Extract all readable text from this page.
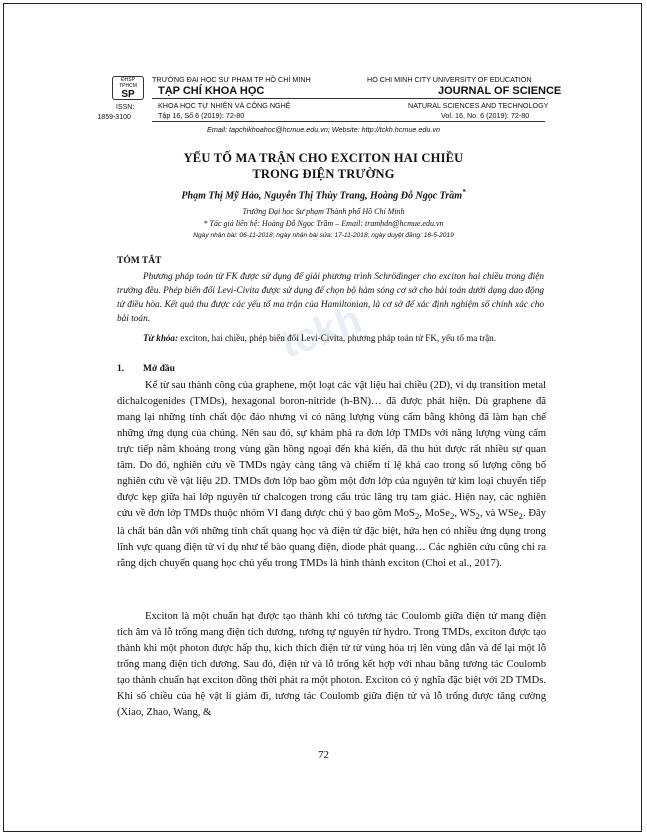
tckh
ĐHSP TPHCM
SP
ISSN:
1859-3100
TRƯỜNG ĐẠI HỌC SƯ PHẠM TP HỒ CHÍ MINH
TẠP CHÍ KHOA HỌC
KHOA HỌC TỰ NHIÊN VÀ CÔNG NGHỆ
Tập 16, Số 6 (2019): 72-80
HO CHI MINH CITY UNIVERSITY OF EDUCATION
JOURNAL OF SCIENCE
NATURAL SCIENCES AND TECHNOLOGY
Vol. 16, No. 6 (2019): 72-80
Email: tapchikhoahoc@hcmue.edu.vn; Website: http://tckh.hcmue.edu.vn
YẾU TỐ MA TRẬN CHO EXCITON HAI CHIỀU
TRONG ĐIỆN TRƯỜNG
Phạm Thị Mỹ Hảo, Nguyễn Thị Thùy Trang, Hoàng Đỗ Ngọc Trầm*
Trường Đại học Sư phạm Thành phố Hồ Chí Minh
* Tác giả liên hệ: Hoàng Đỗ Ngọc Trầm – Email: tramhdn@hcmue.edu.vn
Ngày nhận bài: 06-11-2018; ngày nhận bài sửa: 17-11-2018; ngày duyệt đăng: 16-5-2019
TÓM TẮT
Phương pháp toán tử FK được sử dụng để giải phương trình Schrödinger cho exciton hai chiều trong điện trường đều. Phép biến đổi Levi-Civita được sử dụng để chọn bộ hàm sóng cơ sở cho bài toán dưới dạng dao động tử điều hòa. Kết quả thu được các yếu tố ma trận của Hamiltonian, là cơ sở để xác định nghiệm số chính xác cho bài toán.
Từ khóa: exciton, hai chiều, phép biến đổi Levi-Civita, phương pháp toán tử FK, yếu tố ma trận.
1. Mở đầu
Kể từ sau thành công của graphene, một loạt các vật liệu hai chiều (2D), ví dụ transition metal dichalcogenides (TMDs), hexagonal boron-nitride (h-BN)… đã được phát hiện. Dù graphene đã mang lại những tính chất độc đáo nhưng vì có năng lượng vùng cấm bằng không đã làm hạn chế những ứng dụng của chúng. Nên sau đó, sự khám phá ra đơn lớp TMDs với năng lượng vùng cấm trực tiếp nằm khoảng trong vùng gần hồng ngoại đến khả kiến, đã thu hút được rất nhiều sự quan tâm. Do đó, nghiên cứu về TMDs ngày càng tăng và chiếm tỉ lệ khá cao trong số lượng công bố nghiên cứu về vật liệu 2D. TMDs đơn lớp bao gồm một đơn lớp của nguyên tử kim loại chuyển tiếp được kẹp giữa hai lớp nguyên tử chalcogen trong cấu trúc lăng trụ tam giác. Hiện nay, các nghiên cứu về đơn lớp TMDs thuộc nhóm VI đang được chú ý bao gồm MoS$_2$, MoSe$_2$, $WS_2$, và WSe$_2$. Đây là chất bán dẫn với những tính chất quang học và điện tử đặc biệt, hứa hẹn có nhiều ứng dụng trong lĩnh vực quang điện tử ví dụ như tế bào quang điện, diode phát quang… Các nghiên cứu cũng chỉ ra rằng dịch chuyển quang học chủ yếu trong TMDs là hình thành exciton (Choi et al., 2017).
Exciton là một chuẩn hạt được tạo thành khi có tương tác Coulomb giữa điện tử mang điện tích âm và lỗ trống mang điện tích dương, tương tự nguyên tử hydro. Trong TMDs, exciton được tạo thành khi một photon được hấp thụ, kích thích điện tử từ vùng hóa trị lên vùng dẫn và để lại một lỗ trống mang điện tích dương. Sau đó, điện tử và lỗ trống kết hợp với nhau bằng tương tác Coulomb tạo thành chuẩn hạt exciton đồng thời phát ra một photon. Exciton có ý nghĩa đặc biệt với 2D TMDs. Khi số chiều của hệ vật lí giảm đi, tương tác Coulomb giữa điện tử và lỗ trống được tăng cường (Xiao, Zhao, Wang, &
72
